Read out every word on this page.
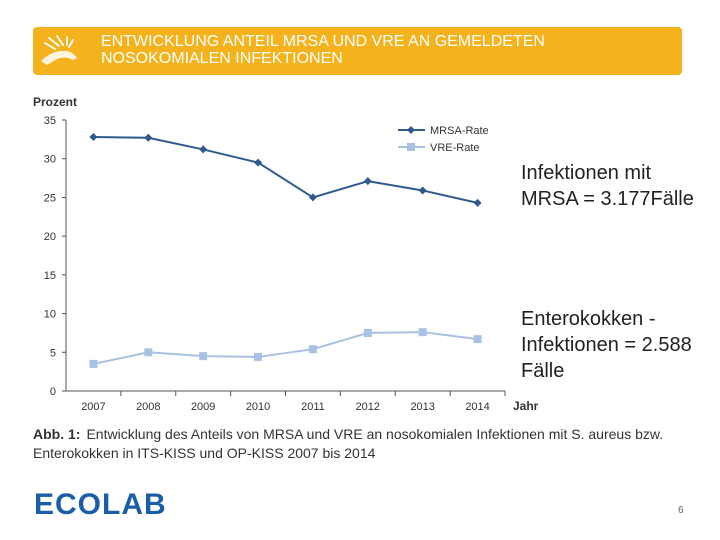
ENTWICKLUNG ANTEIL MRSA UND VRE AN GEMELDETEN NOSOKOMIALEN INFEKTIONEN
Prozent
0
5
10
15
20
25
30
35
2007	2008	2009	2010	2011	2012	2013	2014 Jahr
MRSA-Rate
VRE-Rate
Infektionen mit MRSA = 3.177Fälle
Enterokokken -Infektionen = 2.588 Fälle
Abb. 1: Entwicklung des Anteils von MRSA und VRE an nosokomialen Infektionen mit S. aureus bzw. Enterokokken in ITS-KISS und OP-KISS 2007 bis 2014
ECOLAB	6
